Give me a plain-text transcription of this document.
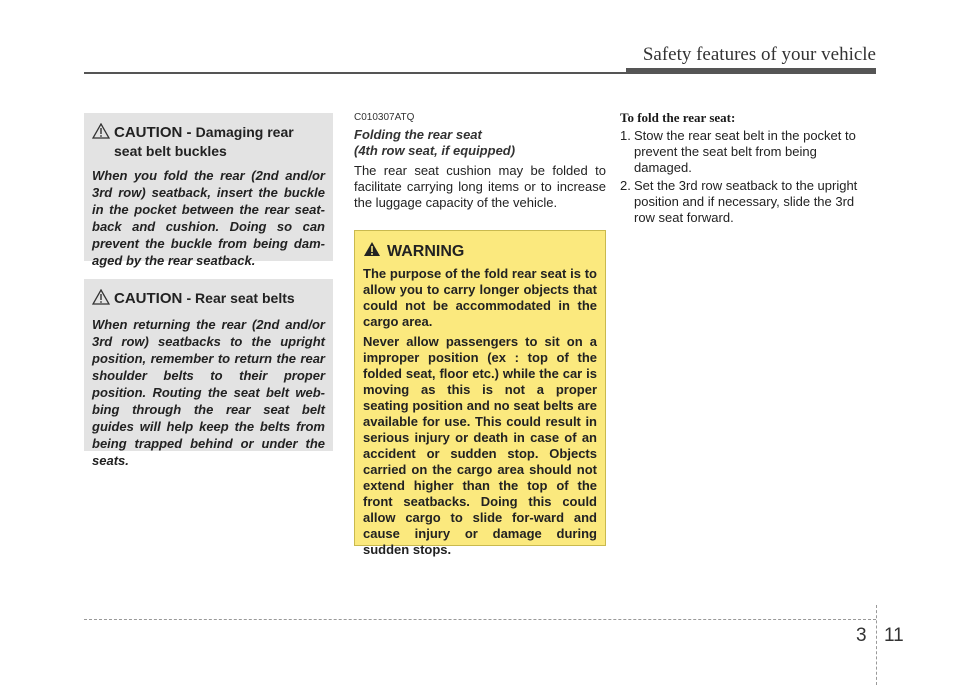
Safety features of your vehicle
CAUTION - Damaging rear seat belt buckles
When you fold the rear (2nd and/or 3rd row) seatback, insert the buckle in the pocket between the rear seat-back and cushion. Doing so can prevent the buckle from being dam-aged by the rear seatback.
CAUTION - Rear seat belts
When returning the rear (2nd and/or 3rd row) seatbacks to the upright position, remember to return the rear shoulder belts to their proper position. Routing the seat belt web-bing through the rear seat belt guides will help keep the belts from being trapped behind or under the seats.
C010307ATQ
Folding the rear seat
(4th row seat, if equipped)
The rear seat cushion may be folded to facilitate carrying long items or to increase the luggage capacity of the vehicle.
WARNING

The purpose of the fold rear seat is to allow you to carry longer objects that could not be accommodated in the cargo area.

Never allow passengers to sit on a improper position (ex : top of the folded seat, floor etc.) while the car is moving as this is not a proper seating position and no seat belts are available for use. This could result in serious injury or death in case of an accident or sudden stop. Objects carried on the cargo area should not extend higher than the top of the front seatbacks. Doing this could allow cargo to slide for-ward and cause injury or damage during sudden stops.

To fold the rear seat:
1. Stow the rear seat belt in the pocket to prevent the seat belt from being damaged.
2. Set the 3rd row seatback to the upright position and if necessary, slide the 3rd row seat forward.
3 11
